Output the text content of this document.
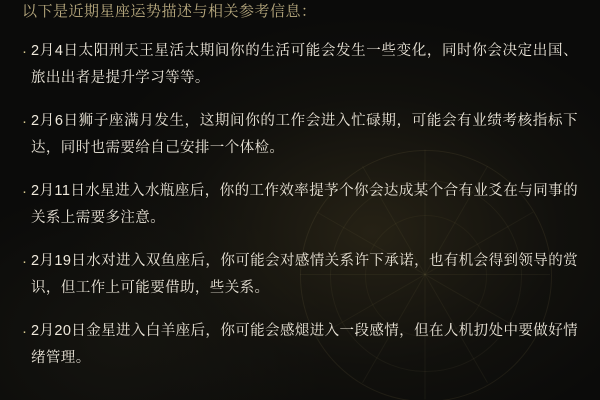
以下是近期星座运势描述与相关参考信息：
· 2月4日太阳刑天王星活太期间你的生活可能会发生一些变化，同时你会决定出国、旅出出者是提升学习等等。
· 2月6日狮子座满月发生，这期间你的工作会进入忙碌期，可能会有业绩考核指标下达，同时也需要给自己安排一个体检。
· 2月11日水星进入水瓶座后，你的工作效率提芧个你会达成某个合有业爻在与同事的关系上需要多注意。
· 2月19日水对进入双鱼座后，你可能会对感情关系许下承诺，也有机会得到领导的赏识，但工作上可能要借助，些关系。
· 2月20日金星进入白羊座后，你可能会感煺进入一段感情，但在人机㧅处中要做好情绪管理。
